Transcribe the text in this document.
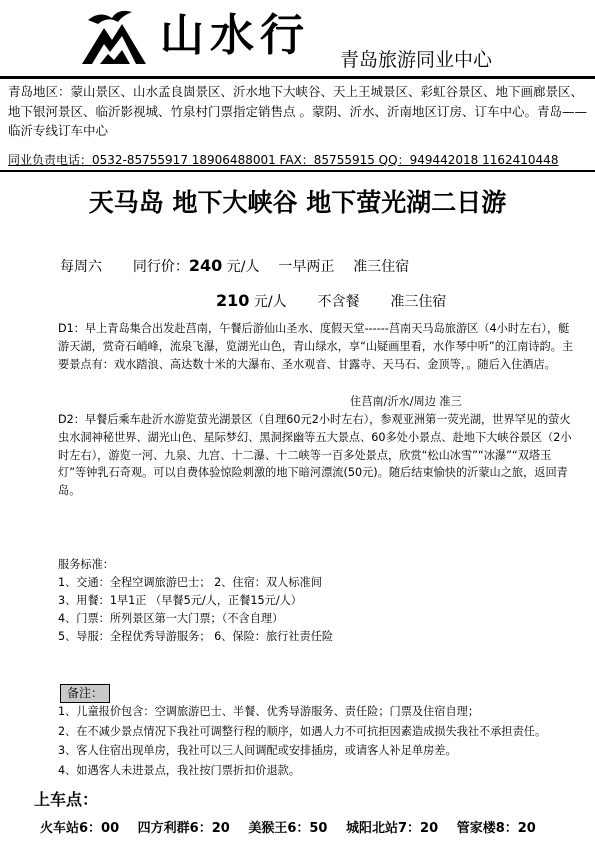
山水行 青岛旅游同业中心
青岛地区：蒙山景区、山水孟良崮景区、沂水地下大峡谷、天上王城景区、彩虹谷景区、地下画廊景区、地下银河景区、临沂影视城、竹泉村门票指定销售点 。蒙阴、沂水、沂南地区订房、订车中心。青岛——临沂专线订车中心
同业负责电话：0532-85755917 18906488001 FAX：85755915 QQ：949442018 1162410448
天马岛 地下大峡谷 地下萤光湖二日游
每周六 同行价：240 元/人 一早两正 准三住宿
210 元/人 不含餐 准三住宿
D1：早上青岛集合出发赴莒南，午餐后游仙山圣水、度假天堂------莒南天马岛旅游区（4小时左右），艇游天湖，赏奇石峭峰，流泉飞瀑，览湖光山色，青山绿水，享“山疑画里看，水作琴中听”的江南诗韵。主要景点有：戏水踏浪、高达数十米的大瀑布、圣水观音、甘露寺、天马石、金顶等，。随后入住酒店。
住莒南/沂水/周边 准三
D2：早餐后乘车赴沂水游览萤光湖景区（自理60元2小时左右），参观亚洲第一荧光湖，世界罕见的萤火虫水洞神秘世界、湖光山色、星际梦幻、黑洞探幽等五大景点、60多处小景点、赴地下大峡谷景区（2小时左右），游览一河、九泉、九宫、十二瀑、十二峡等一百多处景点，欣赏“松山冰雪”“冰瀑”“双塔玉灯”等钟乳石奇观。可以自费体验惊险刺激的地下暗河漂流(50元)。随后结束愉快的沂蒙山之旅，返回青岛。
服务标准：
1、交通：全程空调旅游巴士； 2、住宿：双人标准间
3、用餐：1早1正 （早餐5元/人，正餐15元/人）
4、门票：所列景区第一大门票；（不含自理）
5、导服：全程优秀导游服务； 6、保险：旅行社责任险
备注：
1、儿童报价包含：空调旅游巴士、半餐、优秀导游服务、责任险；门票及住宿自理；
2、在不减少景点情况下我社可调整行程的顺序，如遇人力不可抗拒因素造成损失我社不承担责任。
3、客人住宿出现单房，我社可以三人间调配或安排插房，或请客人补足单房差。
4、如遇客人未进景点，我社按门票折扣价退款。
上车点：
火车站6：00 四方利群6：20 美猴王6：50 城阳北站7：20 管家楼8：20
